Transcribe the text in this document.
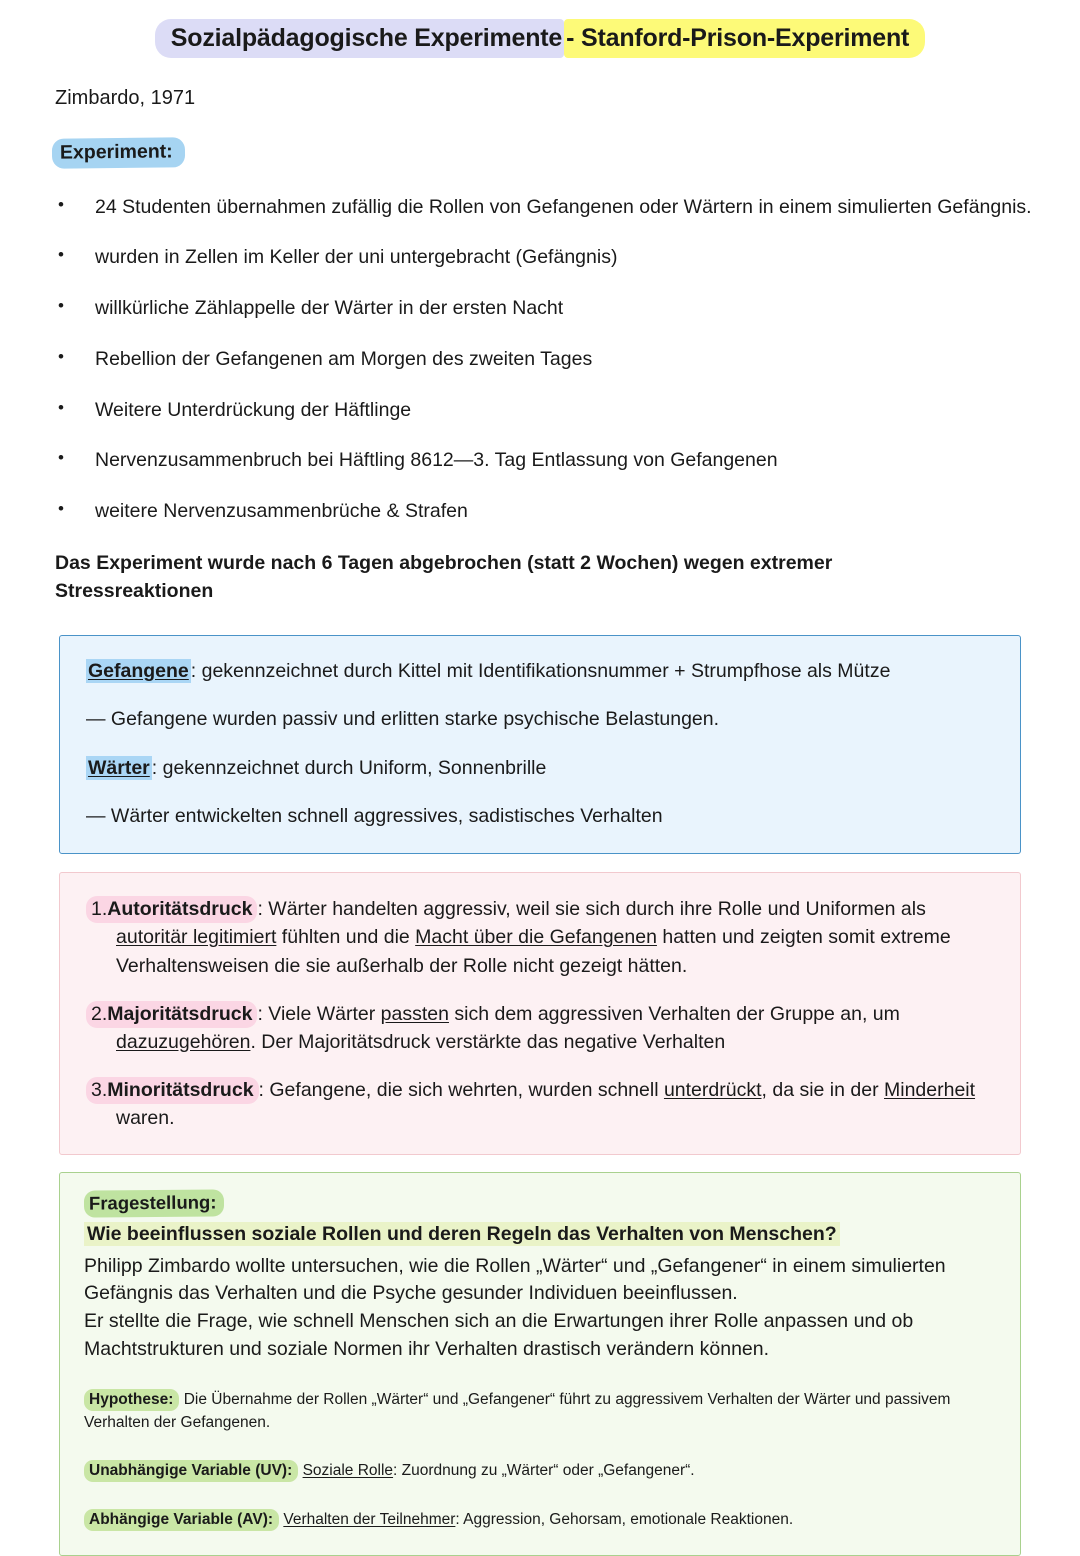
Sozialpädagogische Experimente - Stanford-Prison-Experiment
Zimbardo, 1971
Experiment:
• 24 Studenten übernahmen zufällig die Rollen von Gefangenen oder Wärtern in einem simulierten Gefängnis.
• wurden in Zellen im Keller der uni untergebracht (Gefängnis)
• willkürliche Zählappelle der Wärter in der ersten Nacht
• Rebellion der Gefangenen am Morgen des zweiten Tages
• Weitere Unterdrückung der Häftlinge
• Nervenzusammenbruch bei Häftling 8612—3. Tag Entlassung von Gefangenen
• weitere Nervenzusammenbrüche & Strafen
Das Experiment wurde nach 6 Tagen abgebrochen (statt 2 Wochen) wegen extremer Stressreaktionen

Gefangene : gekennzeichnet durch Kittel mit Identifikationsnummer + Strumpfhose als Mütze

— Gefangene wurden passiv und erlitten starke psychische Belastungen.

Wärter : gekennzeichnet durch Uniform, Sonnenbrille

— Wärter entwickelten schnell aggressives, sadistisches Verhalten

1.Autoritätsdruck : Wärter handelten aggressiv, weil sie sich durch ihre Rolle und Uniformen als autoritär legitimiert fühlten und die Macht über die Gefangenen hatten und zeigten somit extreme Verhaltensweisen die sie außerhalb der Rolle nicht gezeigt hätten.
2.Majoritätsdruck : Viele Wärter passten sich dem aggressiven Verhalten der Gruppe an, um dazuzugehören. Der Majoritätsdruck verstärkte das negative Verhalten
3.Minoritätsdruck : Gefangene, die sich wehrten, wurden schnell unterdrückt, da sie in der Minderheit waren.
Fragestellung:
Wie beeinflussen soziale Rollen und deren Regeln das Verhalten von Menschen?

Philipp Zimbardo wollte untersuchen, wie die Rollen „Wärter“ und „Gefangener“ in einem simulierten Gefängnis das Verhalten und die Psyche gesunder Individuen beeinflussen.

Er stellte die Frage, wie schnell Menschen sich an die Erwartungen ihrer Rolle anpassen und ob Machtstrukturen und soziale Normen ihr Verhalten drastisch verändern können.

Hypothese: Die Übernahme der Rollen „Wärter“ und „Gefangener“ führt zu aggressivem Verhalten der Wärter und passivem Verhalten der Gefangenen.

Unabhängige Variable (UV): Soziale Rolle: Zuordnung zu „Wärter“ oder „Gefangener“.

Abhängige Variable (AV): Verhalten der Teilnehmer: Aggression, Gehorsam, emotionale Reaktionen.
